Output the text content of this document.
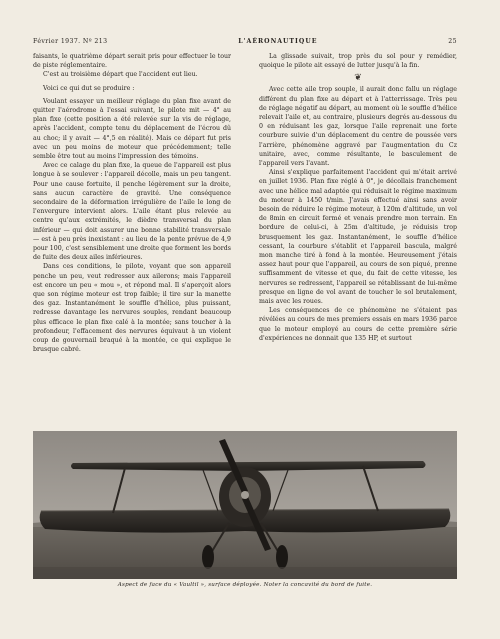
Février 1937. Nº 213	L'AÉRONAUTIQUE	25

faisants, le quatrième départ serait pris pour effectuer le tour de piste réglementaire.

C'est au troisième départ que l'accident eut lieu.

Voici ce qui dut se produire :

Voulant essayer un meilleur réglage du plan fixe avant de quitter l'aérodrome à l'essai suivant, le pilote mit — 4° au plan fixe (cette position a été relevée sur la vis de réglage, après l'accident, compte tenu du déplacement de l'écrou dû au choc; il y avait — 4°,5 en réalité). Mais ce départ fut pris avec un peu moins de moteur que précédemment; telle semble être tout au moins l'impression des témoins.

Avec ce calage du plan fixe, la queue de l'appareil est plus longue à se soulever : l'appareil décolle, mais un peu tangent. Pour une cause fortuite, il penche légèrement sur la droite, sans aucun caractère de gravité. Une conséquence secondaire de la déformation irrégulière de l'aile le long de l'envergure intervient alors. L'aile étant plus relevée au centre qu'aux extrémités, le dièdre transversal du plan inférieur — qui doit assurer une bonne stabilité transversale — est à peu près inexistant : au lieu de la pente prévue de 4,9 pour 100, c'est sensiblement une droite que forment les bords de fuite des deux ailes inférieures.

Dans ces conditions, le pilote, voyant que son appareil penche un peu, veut redresser aux ailerons; mais l'appareil est encore un peu « mou », et répond mal. Il s'aperçoit alors que son régime moteur est trop faible; il tire sur la manette des gaz. Instantanément le souffle d'hélice, plus puissant, redresse davantage les nervures souples, rendant beaucoup plus efficace le plan fixe calé à la montée; sans toucher à la profondeur, l'effacement des nervures équivaut à un violent coup de gouvernail braqué à la montée, ce qui explique le brusque cabré.

La glissade suivait, trop près du sol pour y remédier, quoique le pilote ait essayé de lutter jusqu'à la fin.

❦

Avec cette aile trop souple, il aurait donc fallu un réglage différent du plan fixe au départ et à l'atterrissage. Très peu de réglage négatif au départ, au moment où le souffle d'hélice relevait l'aile et, au contraire, plusieurs degrés au-dessous du 0 en réduisant les gaz, lorsque l'aile reprenait une forte courbure suivie d'un déplacement du centre de poussée vers l'arrière, phénomène aggravé par l'augmentation du Cz unitaire, avec, comme résultante, le basculement de l'appareil vers l'avant.

Ainsi s'explique parfaitement l'accident qui m'était arrivé en juillet 1936. Plan fixe réglé à 0°, je décollais franchement avec une hélice mal adaptée qui réduisait le régime maximum du moteur à 1450 t/min. J'avais effectué ainsi sans avoir besoin de réduire le régime moteur, à 120m d'altitude, un vol de 8min en circuit fermé et venais prendre mon terrain. En bordure de celui-ci, à 25m d'altitude, je réduisis trop brusquement les gaz. Instantanément, le souffle d'hélice cessant, la courbure s'établit et l'appareil bascula, malgré mon manche tiré à fond à la montée. Heureusement j'étais assez haut pour que l'appareil, au cours de son piqué, prenne suffisamment de vitesse et que, du fait de cette vitesse, les nervures se redressent, l'appareil se rétablissant de lui-même presque en ligne de vol avant de toucher le sol brutalement, mais avec les roues.

Les conséquences de ce phénomène ne s'étaient pas révélées au cours de mes premiers essais en mars 1936 parce que le moteur employé au cours de cette première série d'expériences ne donnait que 135 HP, et surtout

Aspect de face du « Vaultil », surface déployée. Noter la concavité du bord de fuite.
